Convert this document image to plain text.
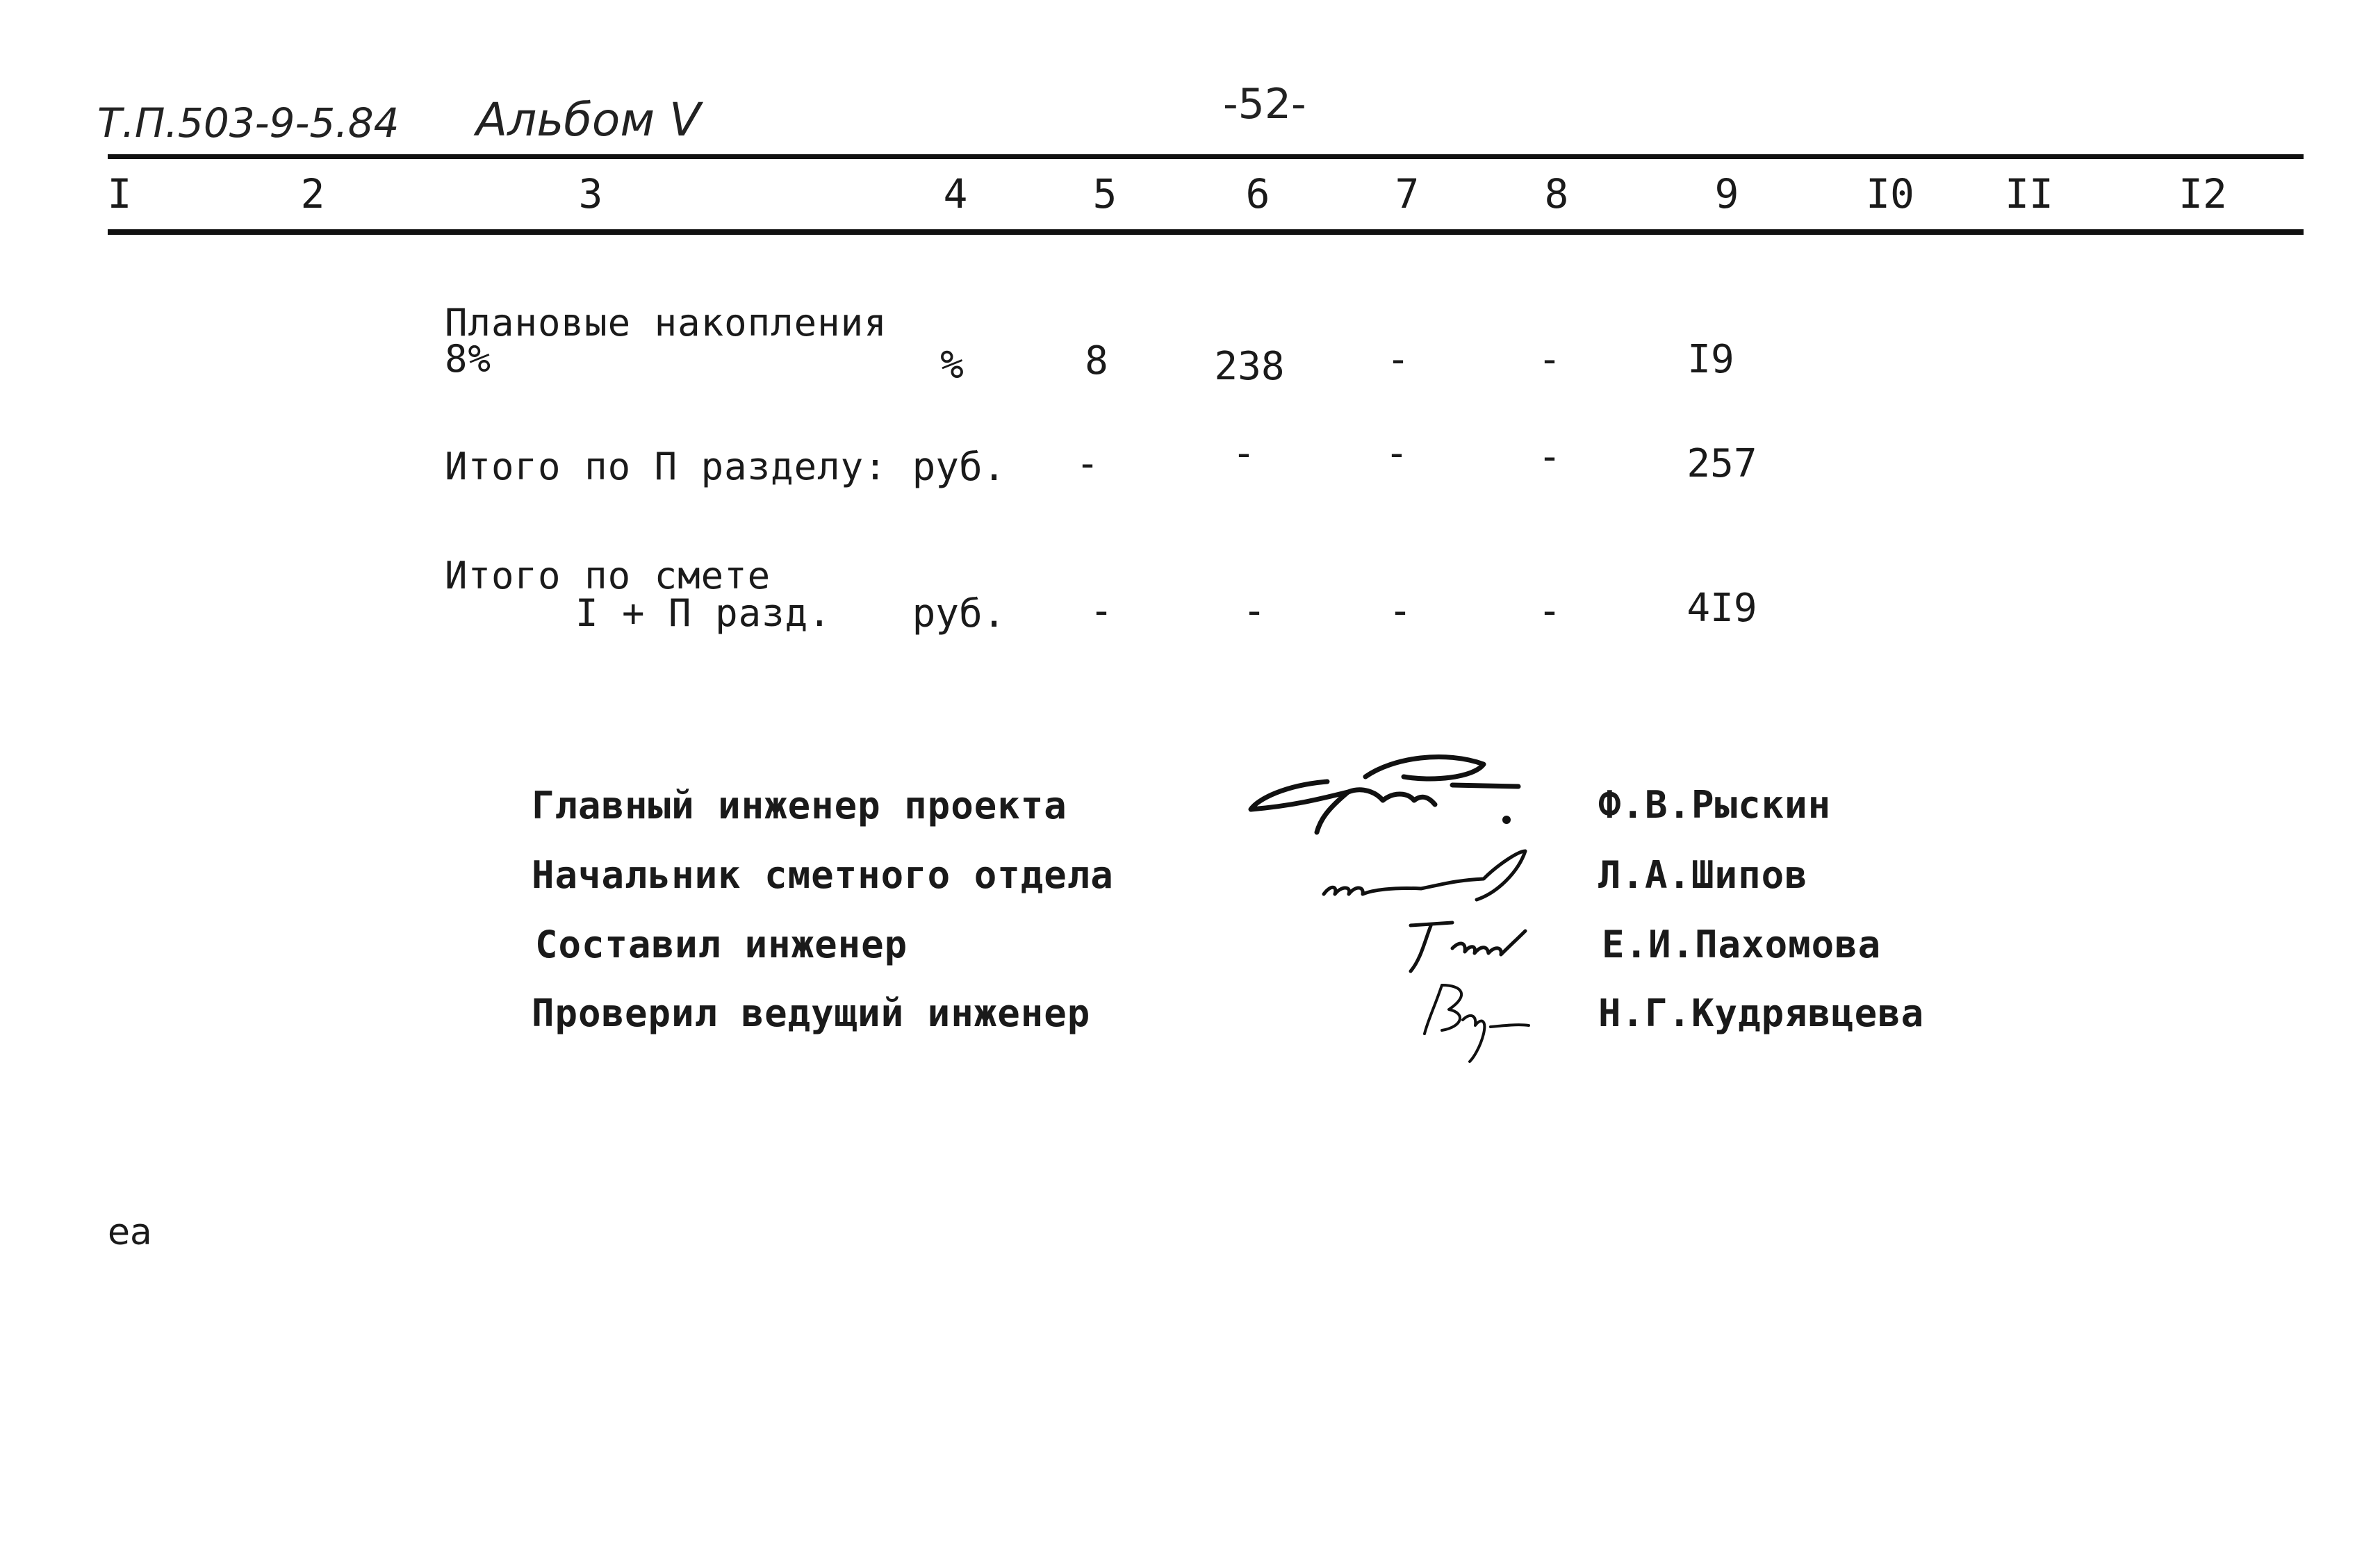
Т.П.503-9-5.84 Альбом V	-52-
I	2	3	4	5	6	7	8	9	I0	II	I2
Плановые накопления
8%	%	8	238	-	-	I9
Итого по П разделу: руб.	-	-	-	-	257
Итого по смете
I + П разд. руб.	-	-	-	-	4I9
Главный инженер проекта
Начальник сметного отдела
Составил инженер
Проверил ведущий инженер
Ф.В.Рыскин
Л.А.Шипов
Е.И.Пахомова
Н.Г.Кудрявцева
еа
